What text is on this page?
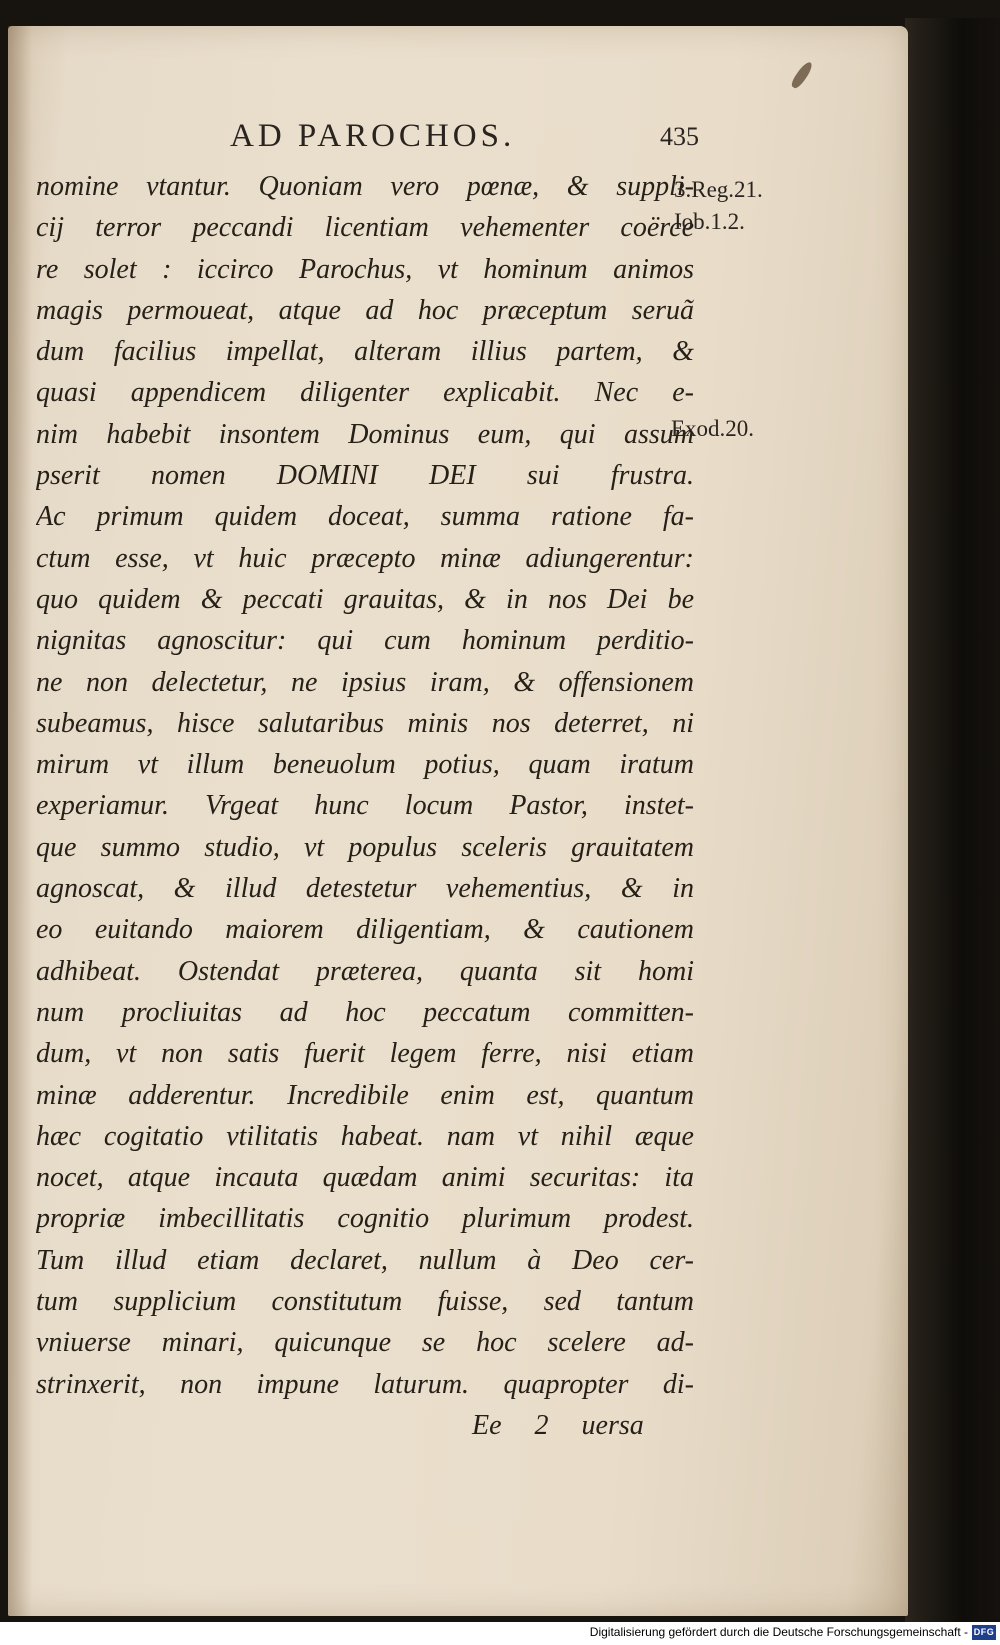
AD PAROCHOS.	435
3.Reg.21.
Iob.1.2.
Exod.20.
nomine vtantur. Quoniam vero pœnæ, & suppli-
cij terror peccandi licentiam vehementer coërce
re solet : iccirco Parochus, vt hominum animos
magis permoueat, atque ad hoc præceptum seruã
dum facilius impellat, alteram illius partem, &
quasi appendicem diligenter explicabit. Nec e-
nim habebit insontem Dominus eum, qui assum
pserit nomen DOMINI DEI sui frustra.
Ac primum quidem doceat, summa ratione fa-
ctum esse, vt huic præcepto minæ adiungerentur:
quo quidem & peccati grauitas, & in nos Dei be
nignitas agnoscitur: qui cum hominum perditio-
ne non delectetur, ne ipsius iram, & offensionem
subeamus, hisce salutaribus minis nos deterret, ni
mirum vt illum beneuolum potius, quam iratum
experiamur. Vrgeat hunc locum Pastor, instet-
que summo studio, vt populus sceleris grauitatem
agnoscat, & illud detestetur vehementius, & in
eo euitando maiorem diligentiam, & cautionem
adhibeat. Ostendat præterea, quanta sit homi
num procliuitas ad hoc peccatum committen-
dum, vt non satis fuerit legem ferre, nisi etiam
minæ adderentur. Incredibile enim est, quantum
hæc cogitatio vtilitatis habeat. nam vt nihil æque
nocet, atque incauta quædam animi securitas: ita
propriæ imbecillitatis cognitio plurimum prodest.
Tum illud etiam declaret, nullum à Deo cer-
tum supplicium constitutum fuisse, sed tantum
vniuerse minari, quicunque se hoc scelere ad-
strinxerit, non impune laturum. quapropter di-
Ee 2 uersa
Digitalisierung gefördert durch die Deutsche Forschungsgemeinschaft - DFG
